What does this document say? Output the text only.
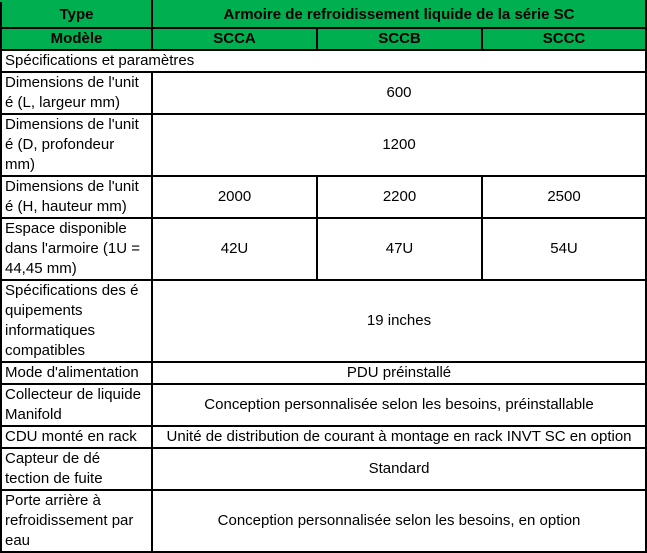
Type	Armoire de refroidissement liquide de la série SC		
Modèle	SCCA	SCCB	SCCC
Spécifications et paramètres			
Dimensions de l'unit é (L, largeur mm)	600		
Dimensions de l'unit é (D, profondeur mm)	1200		
Dimensions de l'unit é (H, hauteur mm)	2000	2200	2500
Espace disponible dans l'armoire (1U = 44,45 mm)	42U	47U	54U
Spécifications des é quipements informatiques compatibles	19 inches		
Mode d'alimentation	PDU préinstallé		
Collecteur de liquide Manifold	Conception personnalisée selon les besoins, préinstallable		
CDU monté en rack	Unité de distribution de courant à montage en rack INVT SC en option		
Capteur de dé tection de fuite	Standard		
Porte arrière à refroidissement par eau	Conception personnalisée selon les besoins, en option		
